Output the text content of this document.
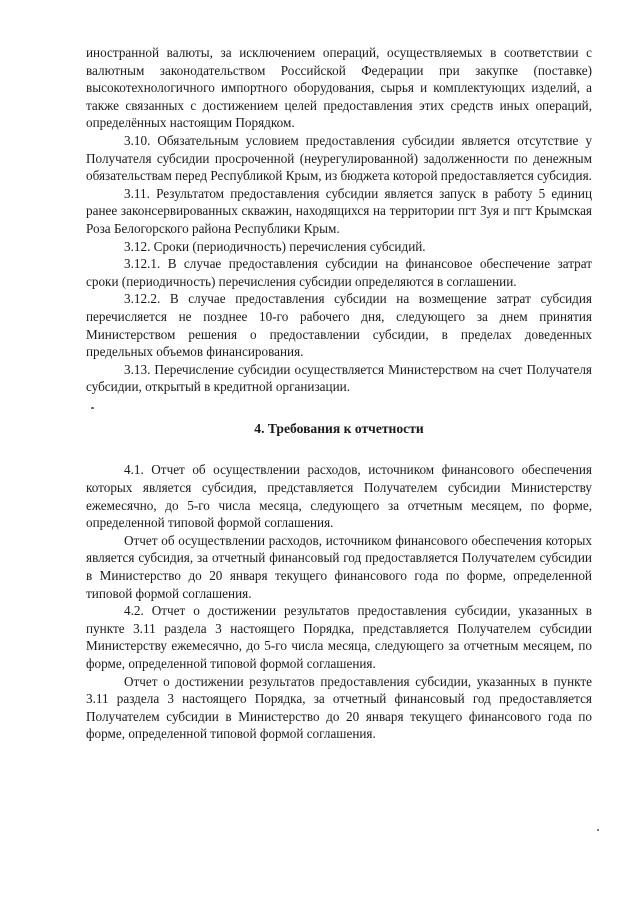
иностранной валюты, за исключением операций, осуществляемых в соответствии с валютным законодательством Российской Федерации при закупке (поставке) высокотехнологичного импортного оборудования, сырья и комплектующих изделий, а также связанных с достижением целей предоставления этих средств иных операций, определённых настоящим Порядком.

3.10. Обязательным условием предоставления субсидии является отсутствие у Получателя субсидии просроченной (неурегулированной) задолженности по денежным обязательствам перед Республикой Крым, из бюджета которой предоставляется субсидия.

3.11. Результатом предоставления субсидии является запуск в работу 5 единиц ранее законсервированных скважин, находящихся на территории пгт Зуя и пгт Крымская Роза Белогорского района Республики Крым.

3.12. Сроки (периодичность) перечисления субсидий.

3.12.1. В случае предоставления субсидии на финансовое обеспечение затрат сроки (периодичность) перечисления субсидии определяются в соглашении.

3.12.2. В случае предоставления субсидии на возмещение затрат субсидия перечисляется не позднее 10-го рабочего дня, следующего за днем принятия Министерством решения о предоставлении субсидии, в пределах доведенных предельных объемов финансирования.

3.13. Перечисление субсидии осуществляется Министерством на счет Получателя субсидии, открытый в кредитной организации.

4. Требования к отчетности

4.1. Отчет об осуществлении расходов, источником финансового обеспечения которых является субсидия, представляется Получателем субсидии Министерству ежемесячно, до 5-го числа месяца, следующего за отчетным месяцем, по форме, определенной типовой формой соглашения.

Отчет об осуществлении расходов, источником финансового обеспечения которых является субсидия, за отчетный финансовый год предоставляется Получателем субсидии в Министерство до 20 января текущего финансового года по форме, определенной типовой формой соглашения.

4.2. Отчет о достижении результатов предоставления субсидии, указанных в пункте 3.11 раздела 3 настоящего Порядка, представляется Получателем субсидии Министерству ежемесячно, до 5-го числа месяца, следующего за отчетным месяцем, по форме, определенной типовой формой соглашения.

Отчет о достижении результатов предоставления субсидии, указанных в пункте 3.11 раздела 3 настоящего Порядка, за отчетный финансовый год предоставляется Получателем субсидии в Министерство до 20 января текущего финансового года по форме, определенной типовой формой соглашения.
